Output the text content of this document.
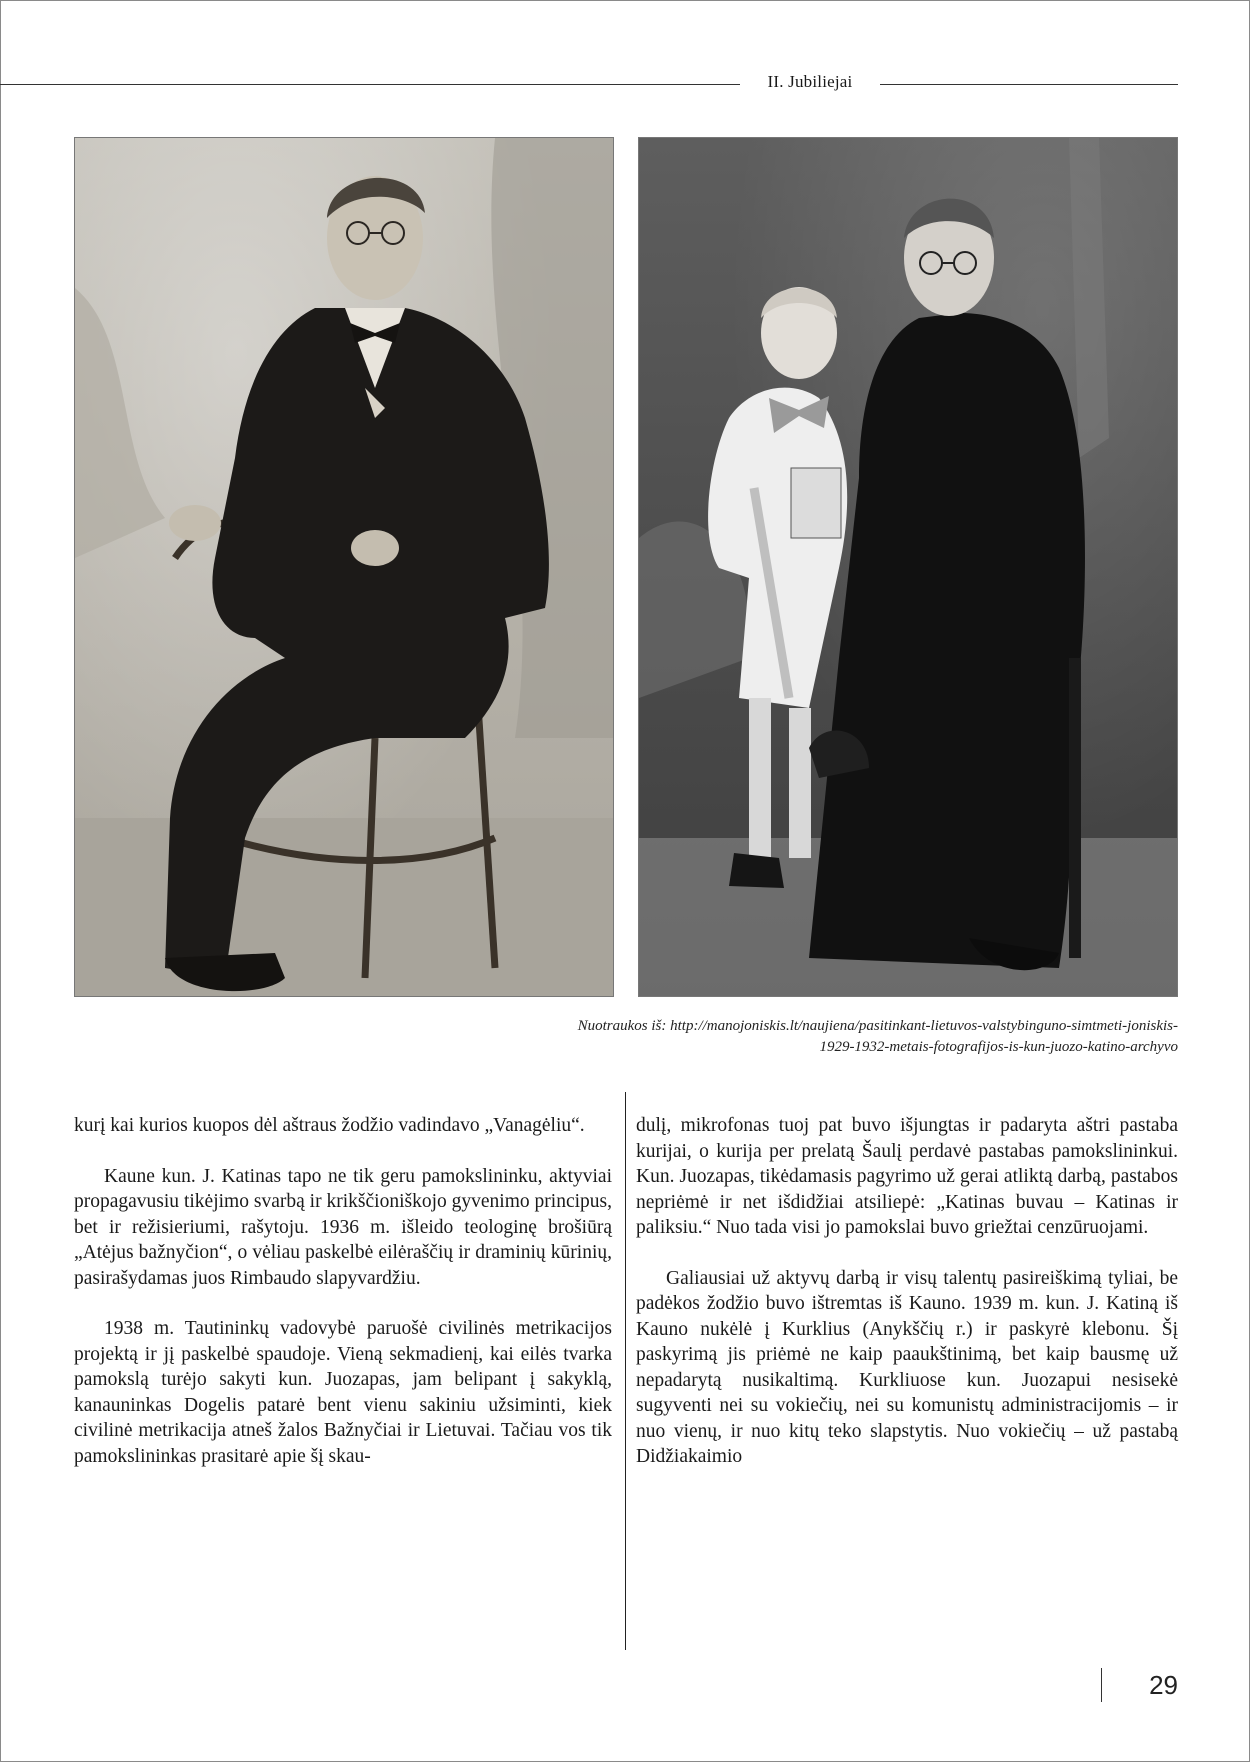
II. Jubiliejai
Nuotraukos iš: http://manojoniskis.lt/naujiena/pasitinkant-lietuvos-valstybinguno-simtmeti-joniskis-
1929-1932-metais-fotografijos-is-kun-juozo-katino-archyvo

kurį kai kurios kuopos dėl aštraus žodžio vadindavo „Vanagėliu“.

Kaune kun. J. Katinas tapo ne tik geru pamokslininku, aktyviai propagavusiu tikėjimo svarbą ir krikščioniškojo gyvenimo principus, bet ir režisieriumi, rašytoju. 1936 m. išleido teologinę brošiūrą „Atėjus bažnyčion“, o vėliau paskelbė eilėraščių ir draminių kūrinių, pasirašydamas juos Rimbaudo slapyvardžiu.

1938 m. Tautininkų vadovybė paruošė civilinės metrikacijos projektą ir jį paskelbė spaudoje. Vieną sekmadienį, kai eilės tvarka pamokslą turėjo sakyti kun. Juozapas, jam belipant į sakyklą, kanauninkas Dogelis patarė bent vienu sakiniu užsiminti, kiek civilinė metrikacija atneš žalos Bažnyčiai ir Lietuvai. Tačiau vos tik pamokslininkas prasitarė apie šį skau-

dulį, mikrofonas tuoj pat buvo išjungtas ir padaryta aštri pastaba kurijai, o kurija per prelatą Šaulį perdavė pastabas pamokslininkui. Kun. Juozapas, tikėdamasis pagyrimo už gerai atliktą darbą, pastabos nepriėmė ir net išdidžiai atsiliepė: „Katinas buvau – Katinas ir paliksiu.“ Nuo tada visi jo pamokslai buvo griežtai cenzūruojami.

Galiausiai už aktyvų darbą ir visų talentų pasireiškimą tyliai, be padėkos žodžio buvo ištremtas iš Kauno. 1939 m. kun. J. Katiną iš Kauno nukėlė į Kurklius (Anykščių r.) ir paskyrė klebonu. Šį paskyrimą jis priėmė ne kaip paaukštinimą, bet kaip bausmę už nepadarytą nusikaltimą. Kurkliuose kun. Juozapui nesisekė sugyventi nei su vokiečių, nei su komunistų administracijomis – ir nuo vienų, ir nuo kitų teko slapstytis. Nuo vokiečių – už pastabą Didžiakaimio

29
